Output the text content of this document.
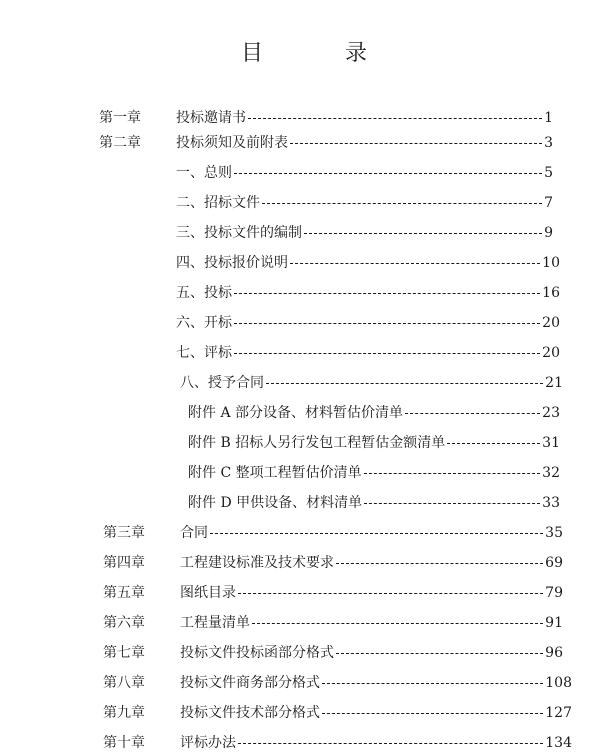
目　录
第一章	投标邀请书	1
第二章	投标须知及前附表	3
一、总则	5
二、招标文件	7
三、投标文件的编制	9
四、投标报价说明	10
五、投标	16
六、开标	20
七、评标	20
八、授予合同	21
附件 A 部分设备、材料暂估价清单	23
附件 B 招标人另行发包工程暂估金额清单	31
附件 C 整项工程暂估价清单	32
附件 D 甲供设备、材料清单	33
第三章	合同	35
第四章	工程建设标准及技术要求	69
第五章	图纸目录	79
第六章	工程量清单	91
第七章	投标文件投标函部分格式	96
第八章	投标文件商务部分格式	108
第九章	投标文件技术部分格式	127
第十章	评标办法	134
